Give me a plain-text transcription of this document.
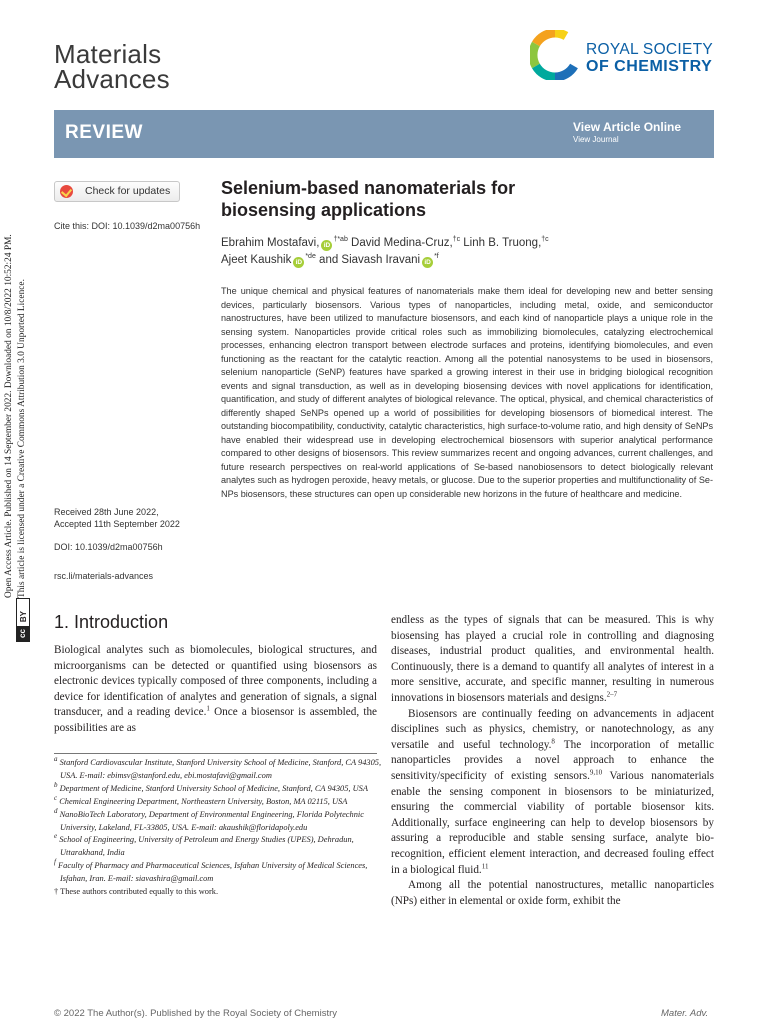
Materials
Advances
ROYAL SOCIETY
OF CHEMISTRY
REVIEW	View Article Online
View Journal
Check for updates
Cite this: DOI: 10.1039/d2ma00756h
Received 28th June 2022,
Accepted 11th September 2022
DOI: 10.1039/d2ma00756h
rsc.li/materials-advances
Selenium-based nanomaterials for
biosensing applications
Ebrahim Mostafavi, $iD^{\dagger*ab}$ David Medina-Cruz,$^{\dagger c}$ Linh B. Truong,$^{\dagger c}$
Ajeet Kaushik $iD^{*de}$ and Siavash Iravani $iD^{*f}$
The unique chemical and physical features of nanomaterials make them ideal for developing new and better sensing devices, particularly biosensors. Various types of nanoparticles, including metal, oxide, and semiconductor nanostructures, have been utilized to manufacture biosensors, and each kind of nanoparticle plays a unique role in the sensing system. Nanoparticles provide critical roles such as immobilizing biomolecules, catalyzing electrochemical processes, enhancing electron transport between electrode surfaces and proteins, identifying biomolecules, and even functioning as the reactant for the catalytic reaction. Among all the potential nanosystems to be used in biosensors, selenium nanoparticle (SeNP) features have sparked a growing interest in their use in bridging biological recognition events and signal transduction, as well as in developing biosensing devices with novel applications for identification, quantification, and study of different analytes of biological relevance. The optical, physical, and chemical characteristics of differently shaped SeNPs opened up a world of possibilities for developing biosensors of biomedical interest. The outstanding biocompatibility, conductivity, catalytic characteristics, high surface-to-volume ratio, and high density of SeNPs have enabled their widespread use in developing electrochemical biosensors with superior analytical performance compared to other designs of biosensors. This review summarizes recent and ongoing advances, current challenges, and future research perspectives on real-world applications of Se-based nanobiosensors to detect biologically relevant analytes such as hydrogen peroxide, heavy metals, or glucose. Due to the superior properties and multifunctionality of Se-NPs biosensors, these structures can open up considerable new horizons in the future of healthcare and medicine.
Open Access Article. Published on 14 September 2022. Downloaded on 10/8/2022 10:52:24 PM. This article is licensed under a Creative Commons Attribution 3.0 Unported Licence.
cc
BY 1. Introduction

Biological analytes such as biomolecules, biological structures, and microorganisms can be detected or quantified using biosensors as electronic devices typically composed of three components, including a device for identification of analytes and generation of signals, a signal transducer, and a reading device.$^1$ Once a biosensor is assembled, the possibilities are as

$^a$ Stanford Cardiovascular Institute, Stanford University School of Medicine, Stanford, CA 94305, USA. E-mail: ebimsv@stanford.edu, ebi.mostafavi@gmail.com
$^b$ Department of Medicine, Stanford University School of Medicine, Stanford, CA 94305, USA
$^c$ Chemical Engineering Department, Northeastern University, Boston, MA 02115, USA
$^d$ NanoBioTech Laboratory, Department of Environmental Engineering, Florida Polytechnic University, Lakeland, FL-33805, USA. E-mail: akaushik@floridapoly.edu
$^e$ School of Engineering, University of Petroleum and Energy Studies (UPES), Dehradun, Uttarakhand, India
$^f$ Faculty of Pharmacy and Pharmaceutical Sciences, Isfahan University of Medical Sciences, Isfahan, Iran. E-mail: siavashira@gmail.com
† These authors contributed equally to this work.

endless as the types of signals that can be measured. This is why biosensing has played a crucial role in controlling and diagnosing diseases, industrial product qualities, and environmental health. Continuously, there is a demand to quantify all analytes of interest in a more sensitive, accurate, and specific manner, resulting in numerous innovations in biosensors materials and designs.$^{2-7}$

Biosensors are continually feeding on advancements in adjacent disciplines such as physics, chemistry, or nanotechnology, as any versatile and useful technology.$^8$ The incorporation of metallic nanoparticles provides a novel approach to enhance the sensitivity/specificity of existing sensors.$^{9,10}$ Various nanomaterials enable the sensing component in biosensors to be miniaturized, ensuring the commercial viability of portable biosensor kits. Additionally, surface engineering can help to develop biosensors by assuring a reproducible and stable sensing surface, analyte bio-recognition, efficient element interaction, and decreased fouling effect in a biological fluid.$^{11}$

Among all the potential nanostructures, metallic nanoparticles (NPs) either in elemental or oxide form, exhibit the

© 2022 The Author(s). Published by the Royal Society of Chemistry	Mater. Adv.
